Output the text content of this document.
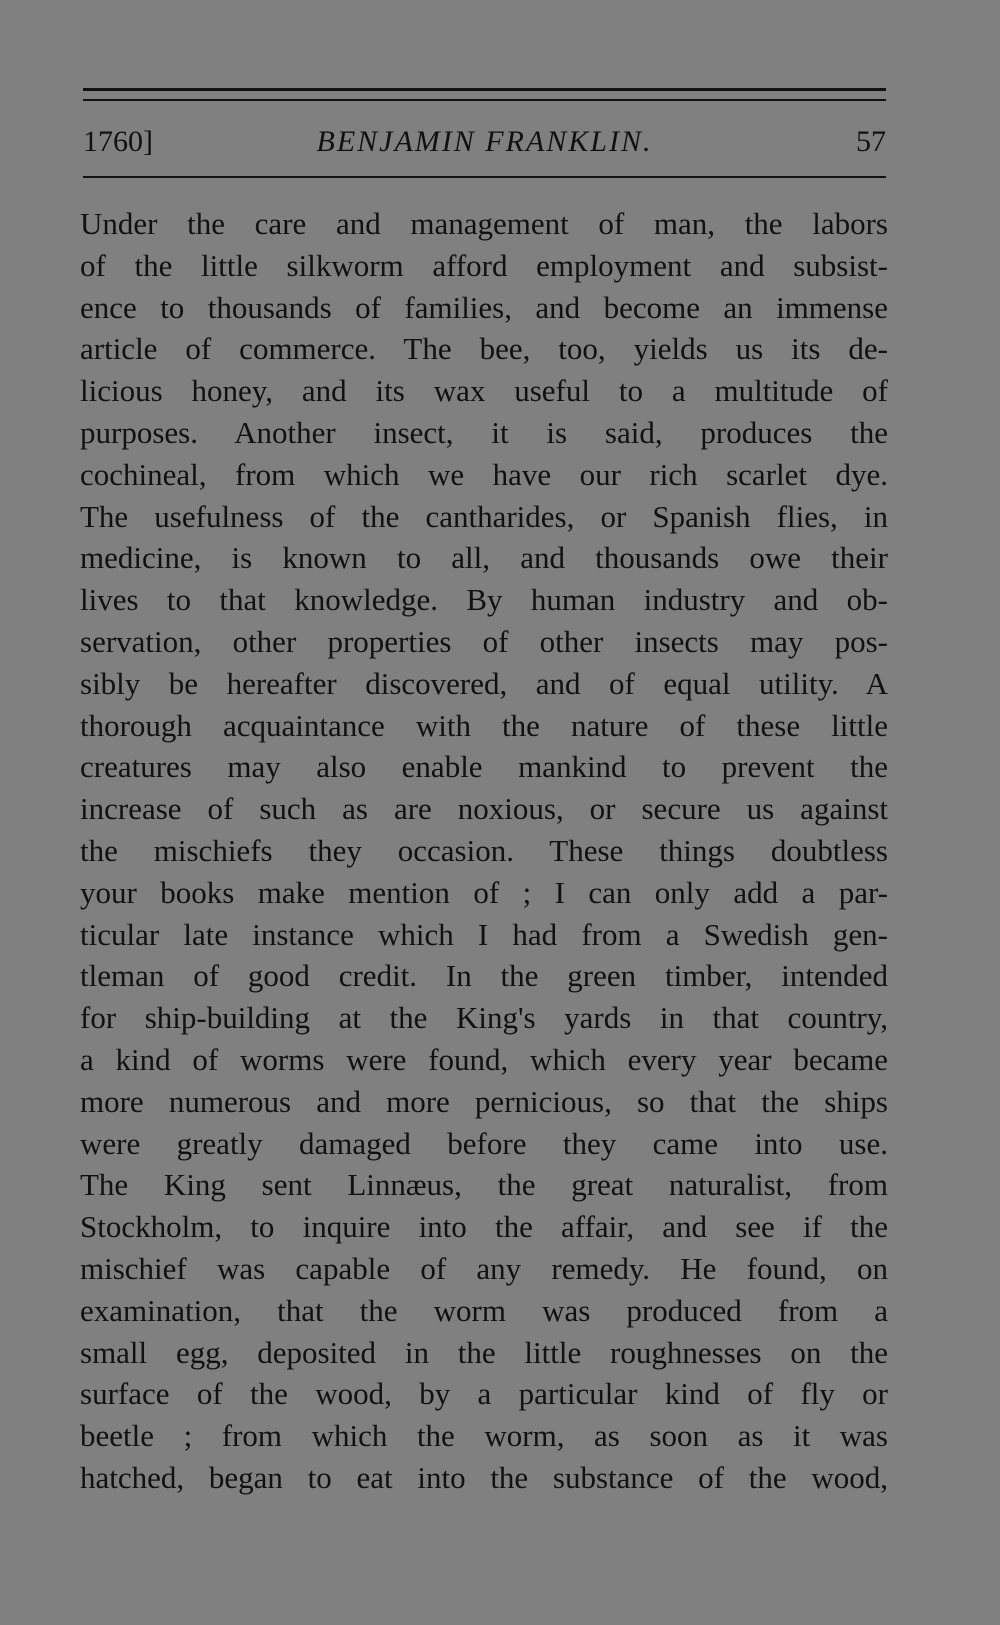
1760]	BENJAMIN FRANKLIN.	57
Under the care and management of man, the labors
of the little silkworm afford employment and subsist-
ence to thousands of families, and become an immense
article of commerce. The bee, too, yields us its de-
licious honey, and its wax useful to a multitude of
purposes. Another insect, it is said, produces the
cochineal, from which we have our rich scarlet dye.
The usefulness of the cantharides, or Spanish flies, in
medicine, is known to all, and thousands owe their
lives to that knowledge. By human industry and ob-
servation, other properties of other insects may pos-
sibly be hereafter discovered, and of equal utility. A
thorough acquaintance with the nature of these little
creatures may also enable mankind to prevent the
increase of such as are noxious, or secure us against
the mischiefs they occasion. These things doubtless
your books make mention of ; I can only add a par-
ticular late instance which I had from a Swedish gen-
tleman of good credit. In the green timber, intended
for ship-building at the King's yards in that country,
a kind of worms were found, which every year became
more numerous and more pernicious, so that the ships
were greatly damaged before they came into use.
The King sent Linnæus, the great naturalist, from
Stockholm, to inquire into the affair, and see if the
mischief was capable of any remedy. He found, on
examination, that the worm was produced from a
small egg, deposited in the little roughnesses on the
surface of the wood, by a particular kind of fly or
beetle ; from which the worm, as soon as it was
hatched, began to eat into the substance of the wood,
